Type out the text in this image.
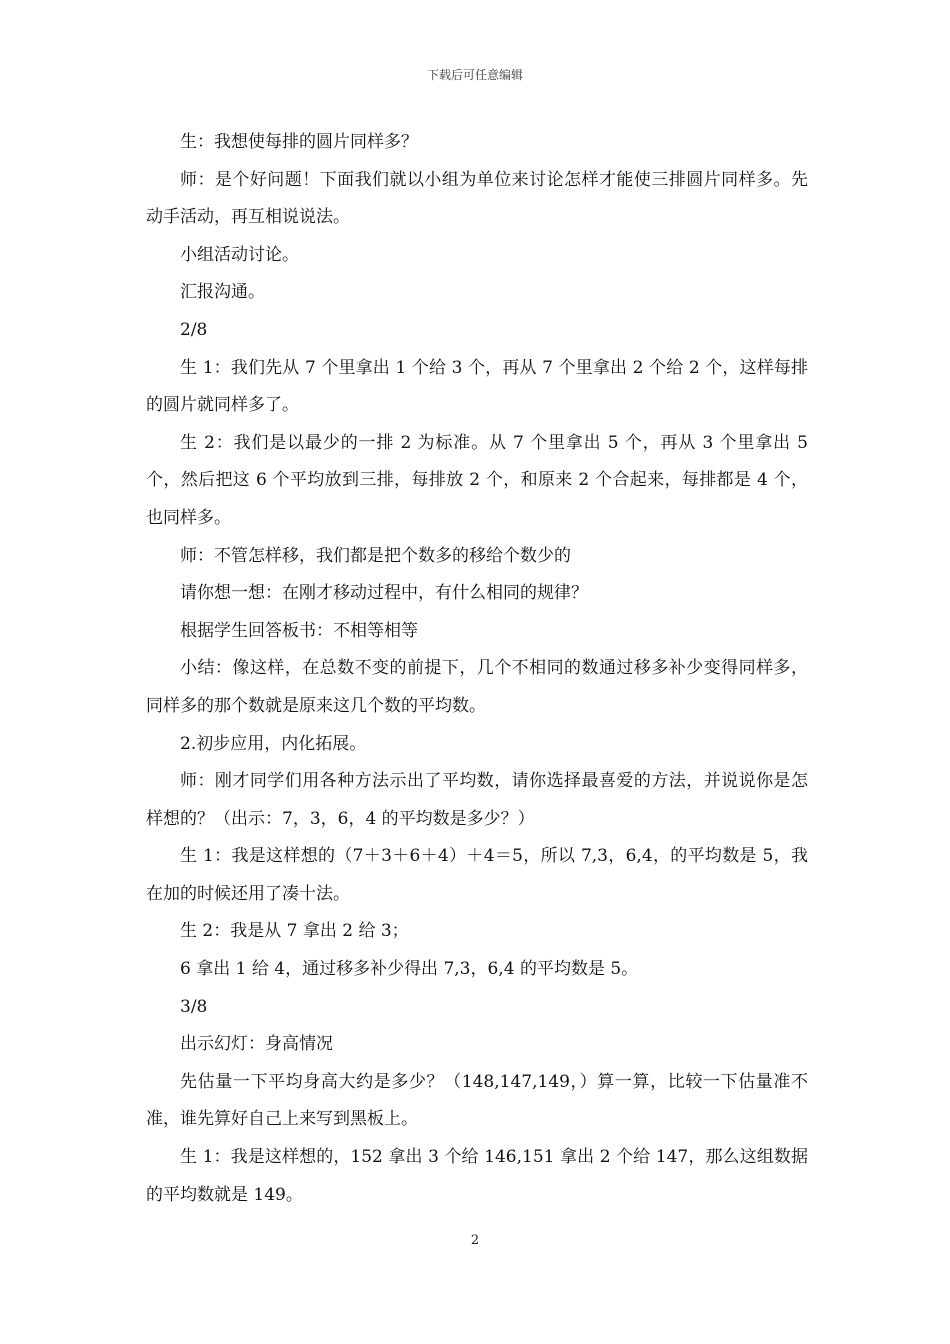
下载后可任意编辑

生：我想使每排的圆片同样多？

师：是个好问题！下面我们就以小组为单位来讨论怎样才能使三排圆片同样多。先动手活动，再互相说说法。

小组活动讨论。

汇报沟通。

2/8

生 1：我们先从 7 个里拿出 1 个给 3 个，再从 7 个里拿出 2 个给 2 个，这样每排的圆片就同样多了。

生 2：我们是以最少的一排 2 为标准。从 7 个里拿出 5 个，再从 3 个里拿出 5 个，然后把这 6 个平均放到三排，每排放 2 个，和原来 2 个合起来，每排都是 4 个，也同样多。

师：不管怎样移，我们都是把个数多的移给个数少的

请你想一想：在刚才移动过程中，有什么相同的规律？

根据学生回答板书：不相等相等

小结：像这样，在总数不变的前提下，几个不相同的数通过移多补少变得同样多，同样多的那个数就是原来这几个数的平均数。

2.初步应用，内化拓展。

师：刚才同学们用各种方法示出了平均数，请你选择最喜爱的方法，并说说你是怎样想的？（出示：7，3，6，4 的平均数是多少？）

生 1：我是这样想的（7＋3＋6＋4）＋4＝5，所以 7,3，6,4，的平均数是 5，我在加的时候还用了凑十法。

生 2：我是从 7 拿出 2 给 3；

6 拿出 1 给 4，通过移多补少得出 7,3，6,4 的平均数是 5。

3/8

出示幻灯：身高情况

先估量一下平均身高大约是多少？（148,147,149，）算一算，比较一下估量准不准，谁先算好自己上来写到黑板上。

生 1：我是这样想的，152 拿出 3 个给 146,151 拿出 2 个给 147，那么这组数据的平均数就是 149。

2
